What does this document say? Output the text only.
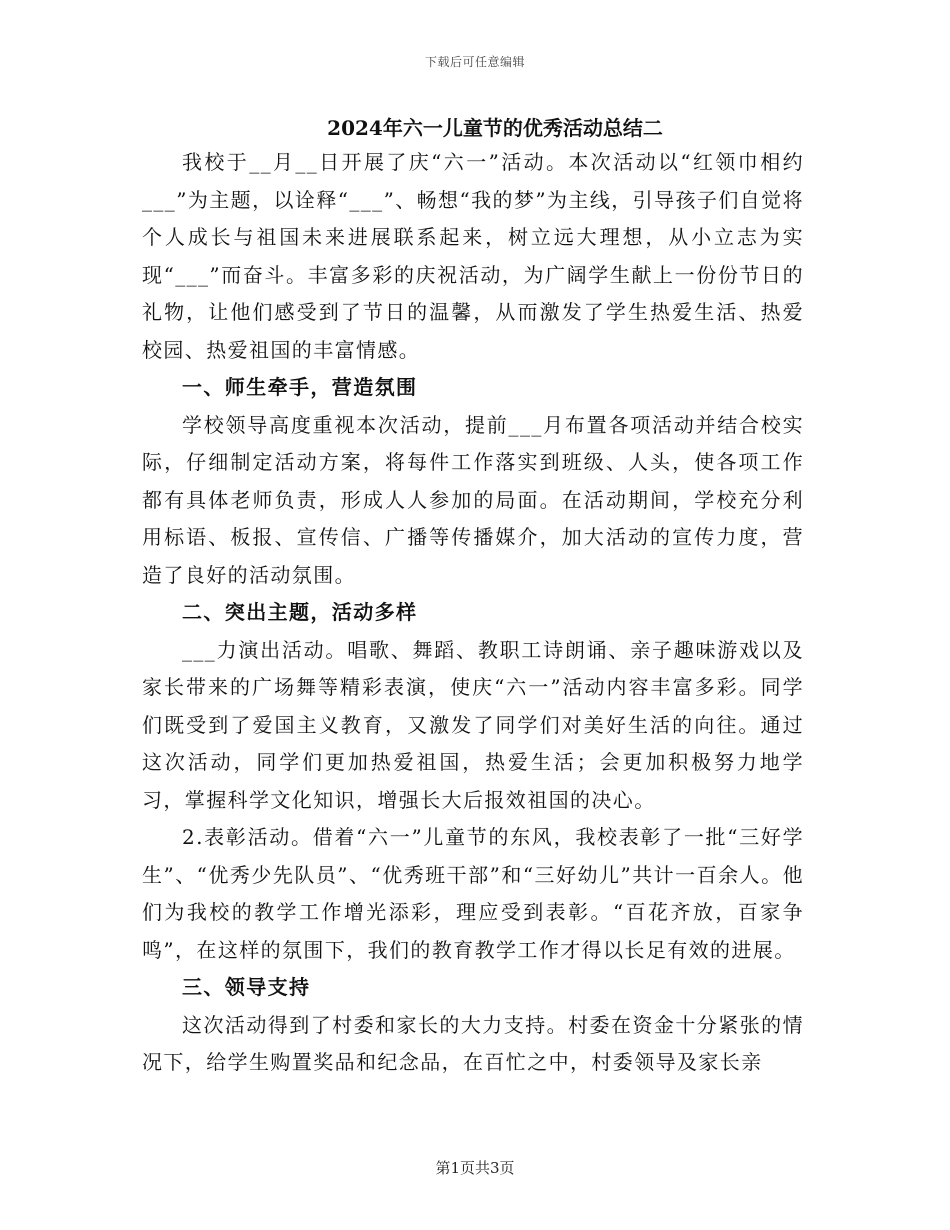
下载后可任意编辑
2024年六一儿童节的优秀活动总结二

我校于__月__日开展了庆“六一”活动。本次活动以“红领巾相约___”为主题，以诠释“___”、畅想“我的梦”为主线，引导孩子们自觉将个人成长与祖国未来进展联系起来，树立远大理想，从小立志为实现“___”而奋斗。丰富多彩的庆祝活动，为广阔学生献上一份份节日的礼物，让他们感受到了节日的温馨，从而激发了学生热爱生活、热爱校园、热爱祖国的丰富情感。

一、师生牵手，营造氛围

学校领导高度重视本次活动，提前___月布置各项活动并结合校实际，仔细制定活动方案，将每件工作落实到班级、人头，使各项工作都有具体老师负责，形成人人参加的局面。在活动期间，学校充分利用标语、板报、宣传信、广播等传播媒介，加大活动的宣传力度，营造了良好的活动氛围。

二、突出主题，活动多样

___力演出活动。唱歌、舞蹈、教职工诗朗诵、亲子趣味游戏以及家长带来的广场舞等精彩表演，使庆“六一”活动内容丰富多彩。同学们既受到了爱国主义教育，又激发了同学们对美好生活的向往。通过这次活动，同学们更加热爱祖国，热爱生活；会更加积极努力地学习，掌握科学文化知识，增强长大后报效祖国的决心。

2.表彰活动。借着“六一”儿童节的东风，我校表彰了一批“三好学生”、“优秀少先队员”、“优秀班干部”和“三好幼儿”共计一百余人。他们为我校的教学工作增光添彩，理应受到表彰。“百花齐放，百家争鸣”，在这样的氛围下，我们的教育教学工作才得以长足有效的进展。

三、领导支持

这次活动得到了村委和家长的大力支持。村委在资金十分紧张的情况下，给学生购置奖品和纪念品，在百忙之中，村委领导及家长亲

第1页共3页
